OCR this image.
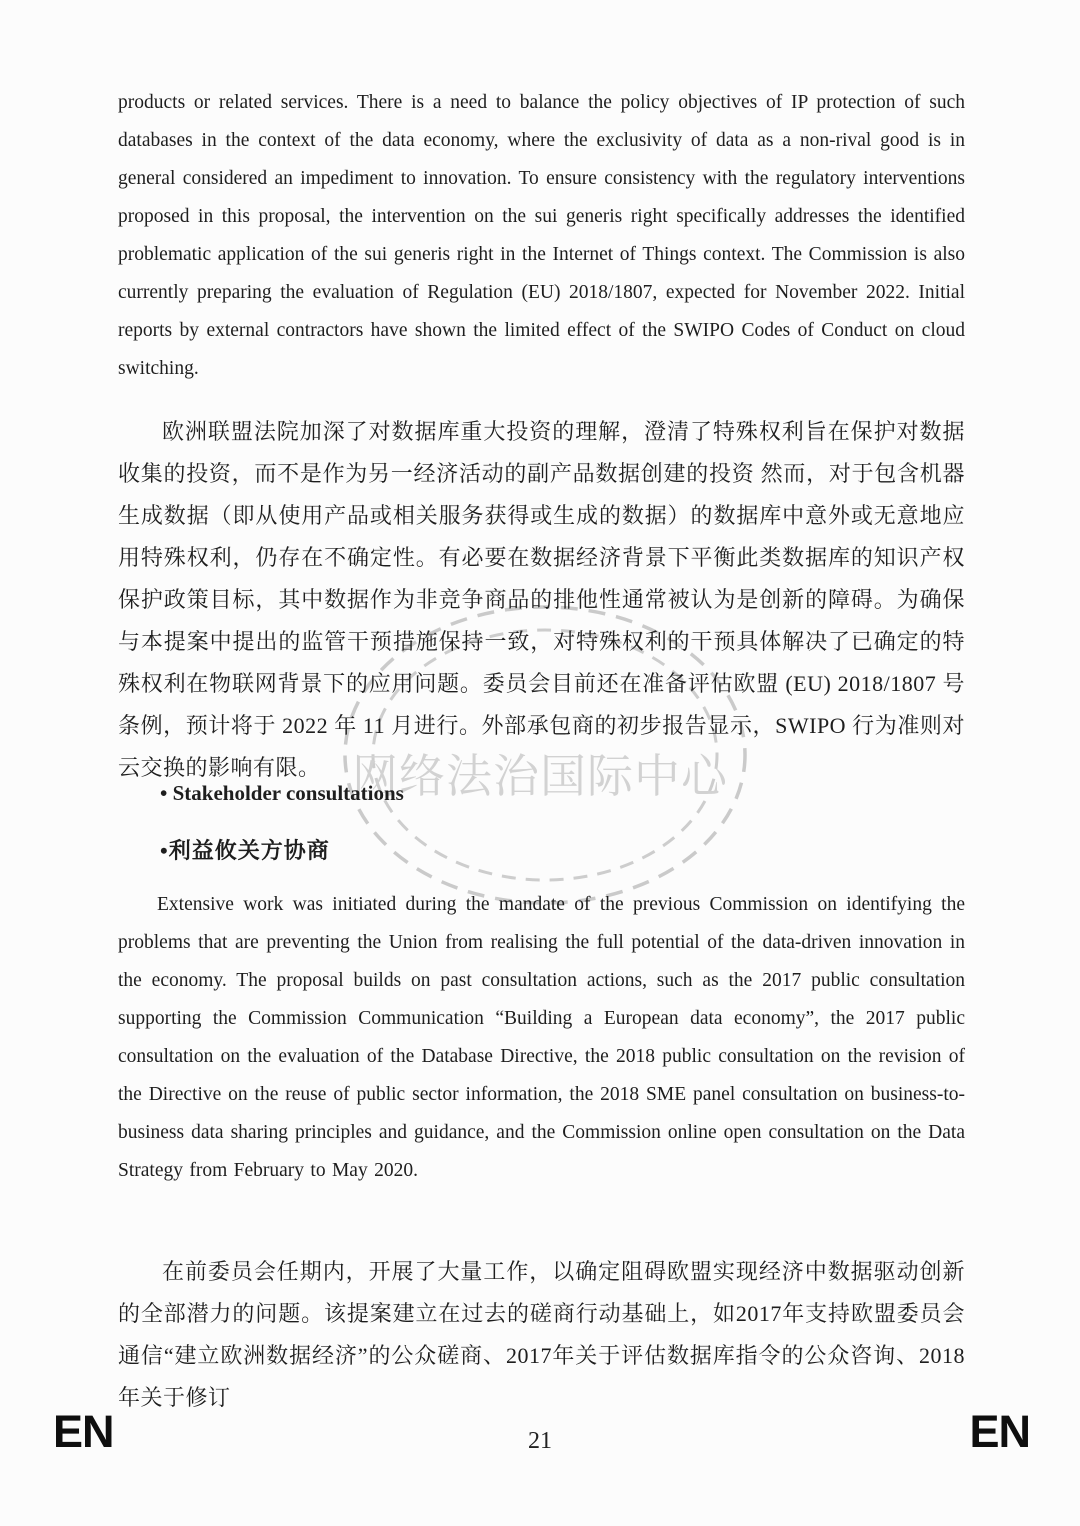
网络法治国际中心

products or related services. There is a need to balance the policy objectives of IP protection of such databases in the context of the data economy, where the exclusivity of data as a non-rival good is in general considered an impediment to innovation. To ensure consistency with the regulatory interventions proposed in this proposal, the intervention on the sui generis right specifically addresses the identified problematic application of the sui generis right in the Internet of Things context. The Commission is also currently preparing the evaluation of Regulation (EU) 2018/1807, expected for November 2022. Initial reports by external contractors have shown the limited effect of the SWIPO Codes of Conduct on cloud switching.

欧洲联盟法院加深了对数据库重大投资的理解，澄清了特殊权利旨在保护对数据收集的投资，而不是作为另一经济活动的副产品数据创建的投资 然而，对于包含机器生成数据（即从使用产品或相关服务获得或生成的数据）的数据库中意外或无意地应用特殊权利，仍存在不确定性。有必要在数据经济背景下平衡此类数据库的知识产权保护政策目标，其中数据作为非竞争商品的排他性通常被认为是创新的障碍。为确保与本提案中提出的监管干预措施保持一致，对特殊权利的干预具体解决了已确定的特殊权利在物联网背景下的应用问题。委员会目前还在准备评估欧盟 (EU) 2018/1807 号条例，预计将于 2022 年 11 月进行。外部承包商的初步报告显示，SWIPO 行为准则对云交换的影响有限。

• Stakeholder consultations
•利益攸关方协商

Extensive work was initiated during the mandate of the previous Commission on identifying the problems that are preventing the Union from realising the full potential of the data-driven innovation in the economy. The proposal builds on past consultation actions, such as the 2017 public consultation supporting the Commission Communication “Building a European data economy”, the 2017 public consultation on the evaluation of the Database Directive, the 2018 public consultation on the revision of the Directive on the reuse of public sector information, the 2018 SME panel consultation on business-to-business data sharing principles and guidance, and the Commission online open consultation on the Data Strategy from February to May 2020.

在前委员会任期内，开展了大量工作，以确定阻碍欧盟实现经济中数据驱动创新的全部潜力的问题。该提案建立在过去的磋商行动基础上，如2017年支持欧盟委员会通信“建立欧洲数据经济”的公众磋商、2017年关于评估数据库指令的公众咨询、2018年关于修订

EN	21	EN
